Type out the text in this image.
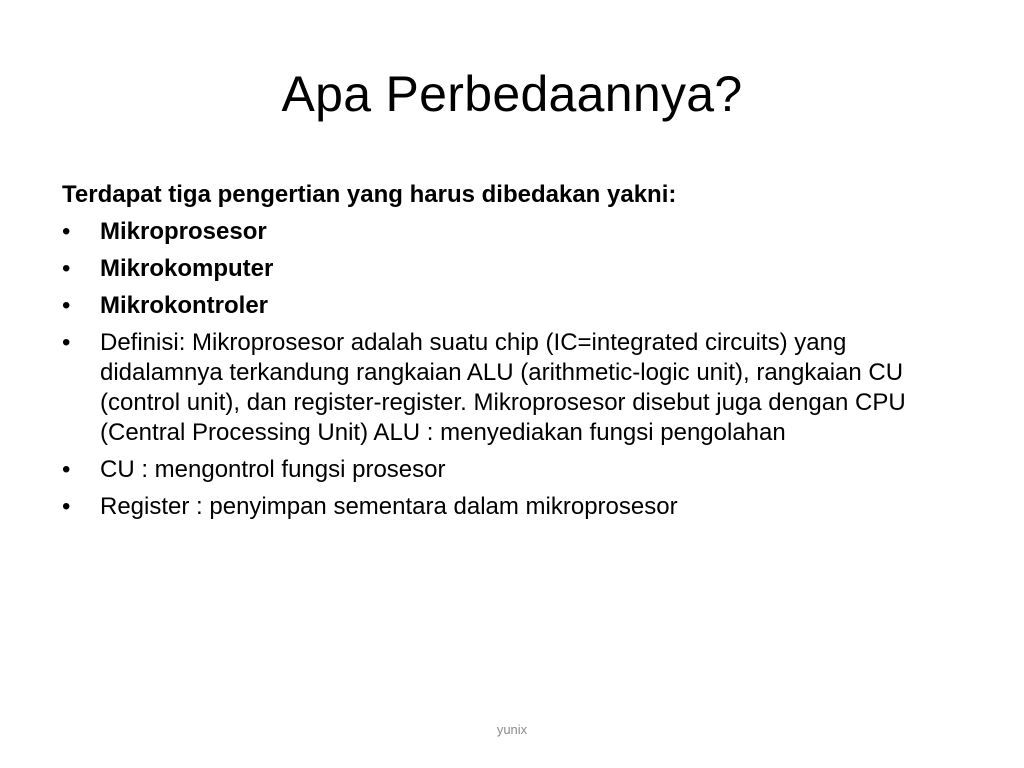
Apa Perbedaannya?
Terdapat tiga pengertian yang harus dibedakan yakni:
•	Mikroprosesor
•	Mikrokomputer
•	Mikrokontroler
•	Definisi: Mikroprosesor adalah suatu chip (IC=integrated circuits) yang didalamnya terkandung rangkaian ALU (arithmetic-logic unit), rangkaian CU (control unit), dan register-register. Mikroprosesor disebut juga dengan CPU (Central Processing Unit) ALU : menyediakan fungsi pengolahan
•	CU : mengontrol fungsi prosesor
•	Register : penyimpan sementara dalam mikroprosesor
yunix
